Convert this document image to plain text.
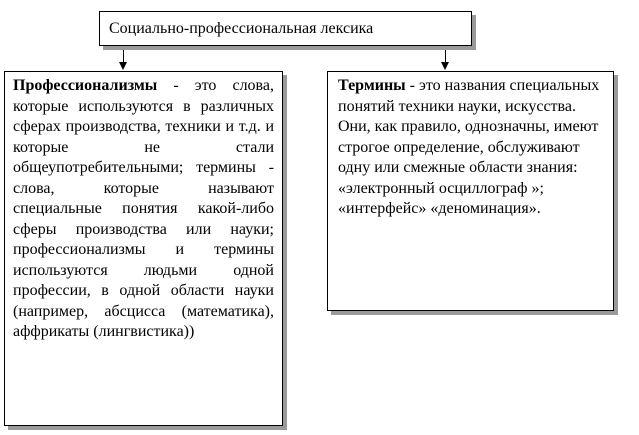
Социально-профессиональная лексика

Профессионализмы - это слова, которые используются в различных сферах производства, техники и т.д. и которые не стали общеупотребительными; термины - слова, которые называют специальные понятия какой-либо сферы производства или науки; профессионализмы и термины используются людьми одной профессии, в одной области науки (например, абсцисса (математика), аффрикаты (лингвистика))

Термины - это названия специальных понятий техники науки, искусства. Они, как правило, однозначны, имеют строгое определение, обслуживают одну или смежные области знания: «электронный осциллограф »; «интерфейс» «деноминация».
